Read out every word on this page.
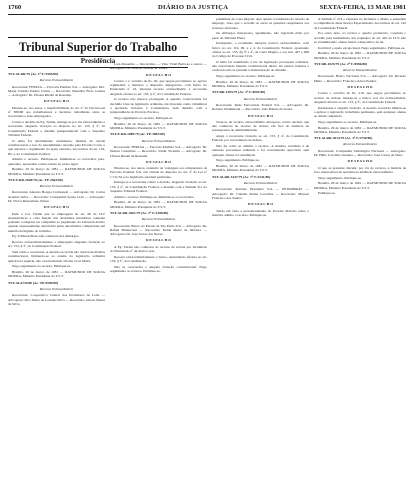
1760	DIÁRIO DA JUSTIÇA	SEXTA-FEIRA, 13 MAR 1981
Tribunal Superior do Trabalho
Presidência

TST-AI-RR/79 (Ac. 1ª T./3585/80)

Recurso Extraordinário

Recorrente: FEPASA — Ferrovia Paulista S/A — Advogado: Dra. Maria Cristina Paixão Côrtes — Recorrido: Benedito Élcio Gomes — Advogado: Dr. Ulisses Riedel de Resende.

D E S P A C H O

Discute-se, nos autos, a inaplicabilidade do art. 2º do Decreto-lei nº 389/68 aos trabalhadores e decisões trabalhistas entre as recorrentes e seus empregados.

Contra a decisão da Eg. Turma, insurge-se por via extraordinária a recorrente, alegando violação ao disposto no art. 153, § 3º, da Constituição Federal e dissídio jurisprudencial com o Supremo Tribunal Federal.

O tema foi devidamente examinado, matéria de alçada constitucional, a teor do entendimento adotado pela Excelsa Corte, o que autoriza o seguimento do apelo extremo, nos termos do art. 119, III, a, da Constituição Federal.

Admito o recurso. Publique-se. Intimem-se os recorridos para, querendo, apresentar contra-razões no prazo legal.

Brasília, 26 de março de 1981 — RAYMUNDO DE SOUZA MOURA, Ministro Presidente do T.S.T.

TST-E-RR-2628/78 (Ac. TP-2663/80)

Recurso Extraordinário

Recorrente: Antonio Borges Cremonezi — Advogado: Dr. Carlos Arnaldo Selva — Recorrido: Companhia Souza Cruz — Advogado: Dr. Victor Russomano Júnior.

D E S P A C H O

Pede a Col. Turma que ao empregado do art. 60 da CLT enquadram-se a cada função das atividades insalubres, somente podendo a empresa ser compelida ao pagamento do adicional devido quando expressamente autorizada pelas autoridades competentes em matéria de higiene do trabalho.

Eg. Tribunal Pleno não conheceu dos embargos.

Recorre extraordinariamente o empregado alegando violação ao art. 153, § 3º, da Constituição Federal.

Sem razão o recorrente. A decisão recorrida não cuidou de matéria constitucional, limitando-se ao exame da legislação ordinária aplicável à espécie, não caracterizando afronta à Lei Maior.

Nego seguimento ao recurso. Publique-se.

Brasília, 26 de março de 1981 — RAYMUNDO DE SOUZA MOURA, Ministro Presidente do T.S.T.

TST-AI-6734/80 (Ac. TP-9999/80)

Recurso Extraordinário

Recorrente: Cooperativa Central dos Produtores de Leite — Advogado: Dra. Maria de Lourdes Silva — Recorrido: Gilson Nunes da Silva.

Lara Pessanha — Recorridos — Vitor Vidal Barbosa e outros — Advogado: Dr. Moacyr Arruda de Souza.

D E S P A C H O

Contra o v. acórdão de fls. 92, que negou provimento ao agravo regimental, e manteve o despacho denegatório, com fulcro no Enunciado nº 42, interpõe recurso extraordinário a recorrente alegando ofensa ao art. 153, § 4º, da Constituição Federal.

O recurso não merece prosseguir. A questão controvertida foi decidida à luz de legislação ordinária, não havendo como vislumbrar a apontada violação à Constituição, nem dissídio com a jurisprudência do Pretório Excelso.

Nego seguimento ao recurso. Publique-se.

Brasília, 26 de março de 1981 — RAYMUNDO DE SOUZA MOURA, Ministro Presidente do T.S.T.

TST-E-RR-1089/79 (Ac. TP-3881/80)

Recurso Extraordinário

Recorrente: FEPASA — Ferrovia Paulista S/A — Advogado: Dr. Nelson Castellões — Recorrido: Valdir Vicentin — Advogado: Dr. Ulisses Riedel de Resende.

D E S P A C H O

Discute-se, nos autos, extensão de vantagens aos empregados da Ferrovia Paulista S/A, em virtude do disposto no art. 4º da Lei nº 1.711/52 e na legislação estadual pertinente.

Insurge-se a recorrente contra a decisão, alegando violação ao art. 153, § 2º, da Constituição Federal, e dissídio com a Súmula 311 do Supremo Tribunal Federal.

Admito o recurso. Publique-se. Intimem-se os recorridos.

Brasília, 26 de março de 1981 — RAYMUNDO DE SOUZA MOURA, Ministro Presidente do T.S.T.

TST-AI-RR-2601/79 (Ac. 2ª T./1288/80)

Recurso Extraordinário

Recorrente: Banco do Estado de São Paulo S/A — Advogado: Dr. Rafael Bittencourt — Recorrido: Neide Maria de Oliveira — Advogado: Dr. José Torres das Neves.

D E S P A C H O

A Eg. Turma não conheceu do recurso de revista por incidência do Enunciado nº 42 desta Corte.

Recorre extraordinariamente o banco, sustentando afronta ao art. 153, § 3º, da Constituição.

Não se caracteriza a alegada violação constitucional. Nego seguimento ao recurso. Publique-se.

preliminar de coisa julgada, quer quanto à existência da relação de emprego, visto que o acórdão se ateve às questões respeitantes aos recursos ofertados.

Os embargos interpostos, igualmente, não lograram êxito por parte do Tribunal Pleno.

Irresignado, o reclamado interpõe recurso extraordinário, com fulcro no art. 119, III, a e d, da Constituição Federal, apontando ofensa ao art. 153, §§ 3º e 4º, da Carta Magna, e aos arts. 467 e 468 do Código de Processo Civil.

O tema foi examinado à luz da legislação processual ordinária, não envolvendo matéria constitucional direta. Os arestos trazidos a confronto não se prestam à demonstração do dissídio.

Nego seguimento ao recurso. Publique-se.

Brasília, 26 de março de 1981 — RAYMUNDO DE SOUZA MOURA, Ministro Presidente do T.S.T.

TST-RR-1493/79 (Ac. 3ª T./4001/80)

Recurso Extraordinário

Recorrente: Rede Ferroviária Federal S/A — Advogado: Dr. Roberto Drummond — Recorrido: João Batista de Souza.

D E S P A C H O

Trata-se de recurso extraordinário interposto contra decisão que não conheceu do recurso de revista, em face da ausência de pressupostos de admissibilidade.

Alega a recorrente violação ao art. 153, § 4º, da Constituição Federal, por cerceamento de defesa.

Não há como se admitir o recurso. A matéria ventilada é de natureza processual ordinária e foi corretamente apreciada, sem qualquer ofensa à Constituição.

Nego seguimento. Publique-se.

Brasília, 26 de março de 1981 — RAYMUNDO DE SOUZA MOURA, Ministro Presidente do T.S.T.

TST-AI-RR-5147/79 (Ac. 1ª T./2241/80)

Recurso Extraordinário

Recorrente: Petróleo Brasileiro S/A — PETROBRÁS — Advogado: Dr. Cláudio Penna Lacombe — Recorrido: Manoel Francisco dos Santos.

D E S P A C H O

Tendo em vista o pronunciamento do Excelso Pretório sobre a matéria, admito o recurso. Publique-se.

A Súmula nº 274 e expressa no inclusive a direito e estendida à competência desta Justiça Especializada, nos termos do art. 142 da Constituição Federal.

Por outro lado, ao revisor o quadro probatório, concluiu o acórdão pela inexistência dos requisitos do art. 461 da CLT, não se vislumbrando ofensa literal a dispositivo de lei.

Incabível o apelo excepcional. Nego seguimento. Publique-se.

Brasília, 26 de março de 1981 — RAYMUNDO DE SOUZA MOURA, Ministro Presidente do T.S.T.

TST-RR-1025/79 (Ac. 2ª T./0986/80)

Recurso Extraordinário

Recorrente: Banco Nacional S/A — Advogado: Dr. Ricardo Diniz — Recorrido: Francisco Alves Pereira.

D E S P A C H O

Contra o acórdão de fls. 210, que negou provimento ao recurso de revista, insurge-se o banco, por via extraordinária, alegando afronta ao art. 153, § 3º, da Constituição Federal.

Inexistente a alegada violação. A decisão recorrida limitou-se a aplicar a legislação trabalhista pertinente, sem qualquer ofensa ao direito adquirido.

Nego seguimento ao recurso. Publique-se.

Brasília, 26 de março de 1981 — RAYMUNDO DE SOUZA MOURA, Ministro Presidente do T.S.T.

TST-AI-RR-3014/79 (Ac. 3ª T./2750/80)

Recurso Extraordinário

Recorrente: Companhia Siderúrgica Nacional — Advogado: Dr. Hélio Carvalho Santana — Recorrido: José Carlos da Silva.

D E S P A C H O

O que se pretende discutir, por via do recurso, é matéria de fato, insuscetível de reexame na instância extraordinária.

Nego seguimento. Publique-se.

Brasília, 26 de março de 1981 — RAYMUNDO DE SOUZA MOURA, Ministro Presidente do T.S.T.

Publique-se.
